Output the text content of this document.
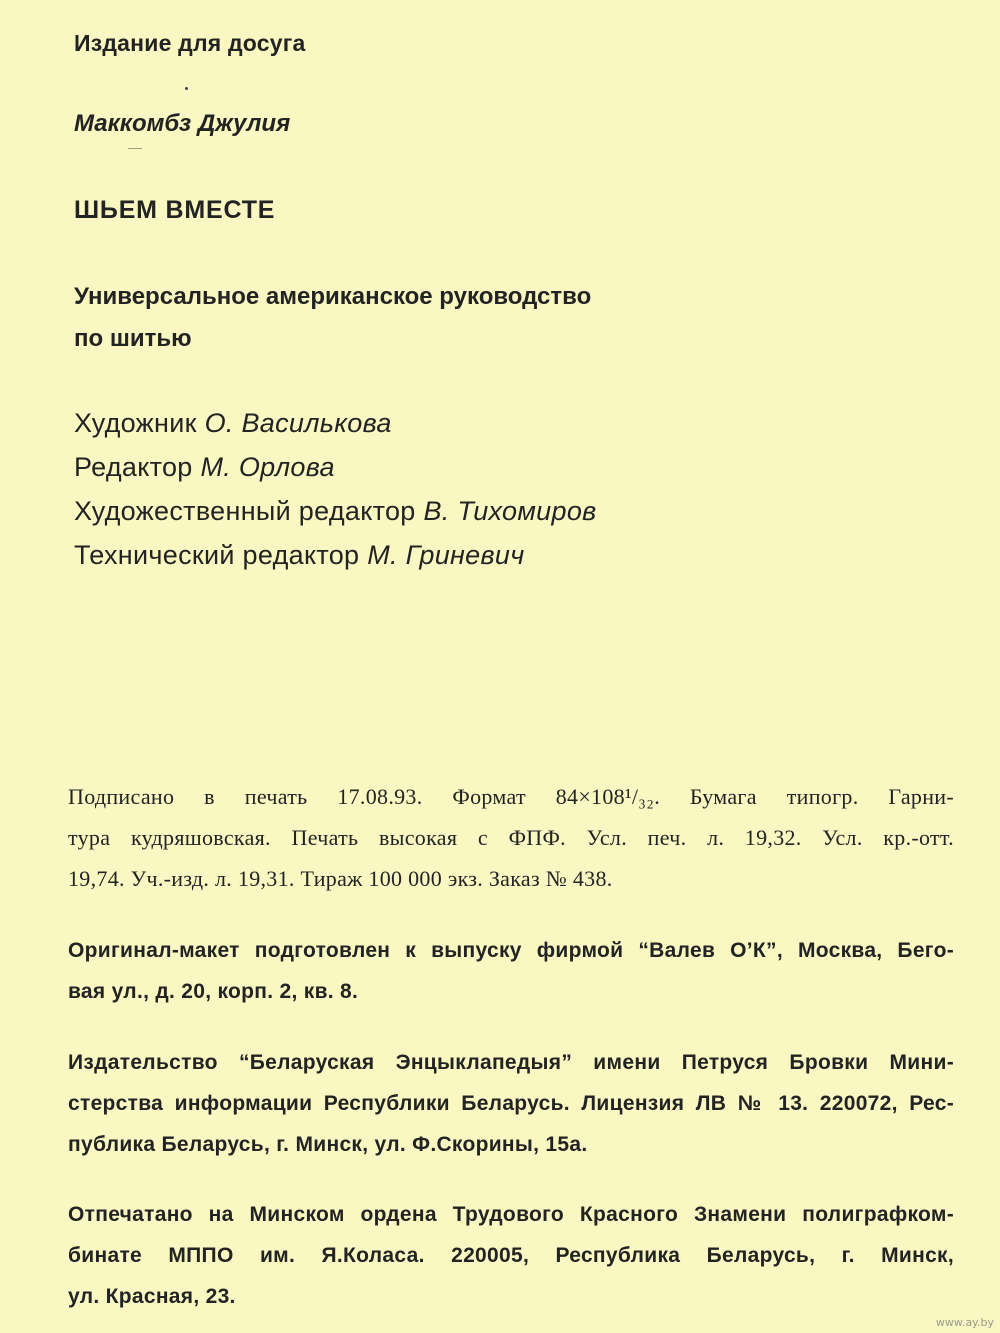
Издание для досуга
Маккомбз Джулия
ШЬЕМ ВМЕСТЕ
Универсальное американское руководство
по шитью
Художник О. Василькова
Редактор М. Орлова
Художественный редактор В. Тихомиров
Технический редактор М. Гриневич
Подписано в печать 17.08.93. Формат 84×108¹/₃₂. Бумага типогр. Гарни-
тура кудряшовская. Печать высокая с ФПФ. Усл. печ. л. 19,32. Усл. кр.-отт.
19,74. Уч.-изд. л. 19,31. Тираж 100 000 экз. Заказ № 438.
Оригинал-макет подготовлен к выпуску фирмой “Валев О’К”, Москва, Бего-
вая ул., д. 20, корп. 2, кв. 8.
Издательство “Беларуская Энцыклапедыя” имени Петруся Бровки Мини-
стерства информации Республики Беларусь. Лицензия ЛВ № 13. 220072, Рес-
публика Беларусь, г. Минск, ул. Ф.Скорины, 15а.
Отпечатано на Минском ордена Трудового Красного Знамени полиграфком-
бинате МППО им. Я.Коласа. 220005, Республика Беларусь, г. Минск,
ул. Красная, 23.
www.ay.by
